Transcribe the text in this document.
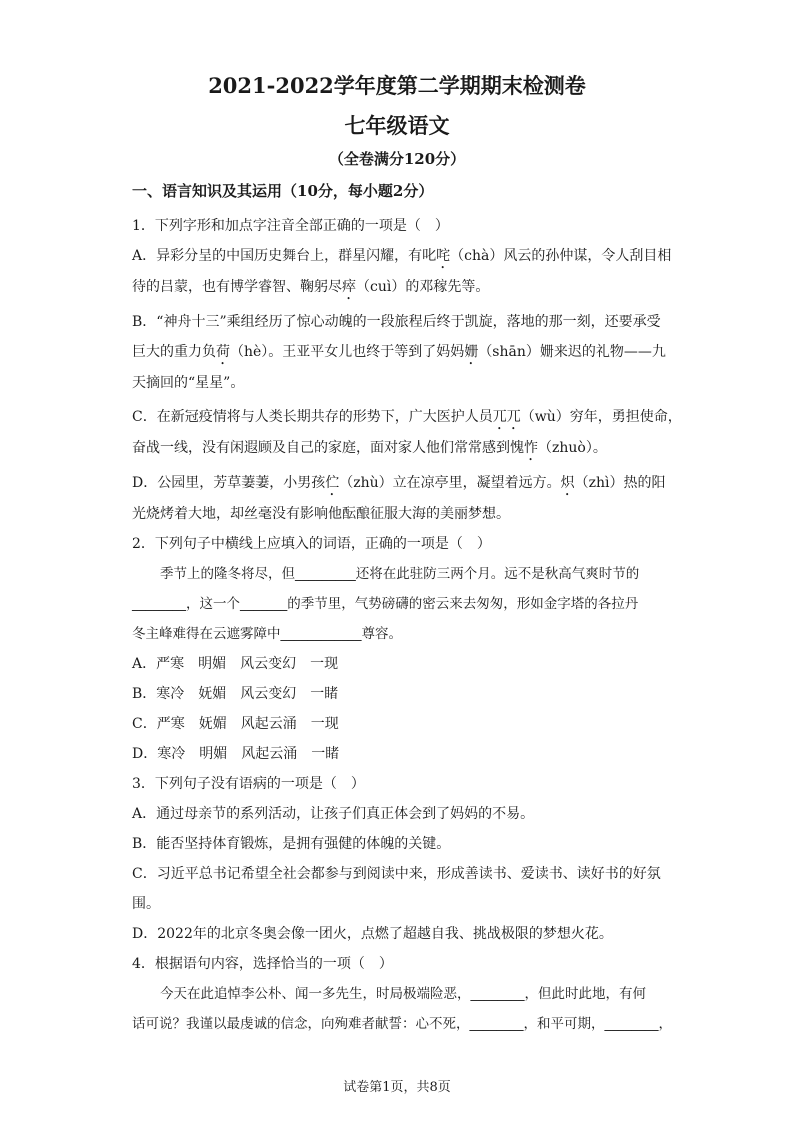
2021-2022学年度第二学期期末检测卷
七年级语文
（全卷满分120分）
一、语言知识及其运用（10分，每小题2分）

1．下列字形和加点字注音全部正确的一项是（　）

A．异彩分呈的中国历史舞台上，群星闪耀，有叱咤（chà）风云的孙仲谋，令人刮目相

待的吕蒙，也有博学睿智、鞠躬尽瘁（cuì）的邓稼先等。

B．“神舟十三”乘组经历了惊心动魄的一段旅程后终于凯旋，落地的那一刻，还要承受

巨大的重力负荷（hè）。王亚平女儿也终于等到了妈妈姗（shān）姗来迟的礼物——九

天摘回的“星星”。

C．在新冠疫情将与人类长期共存的形势下，广大医护人员兀兀（wù）穷年，勇担使命，

奋战一线，没有闲遐顾及自己的家庭，面对家人他们常常感到愧怍（zhuò）。

D．公园里，芳草萋萋，小男孩伫（zhù）立在凉亭里，凝望着远方。炽（zhì）热的阳

光烧烤着大地，却丝毫没有影响他酝酿征服大海的美丽梦想。

2．下列句子中横线上应填入的词语，正确的一项是（　）

季节上的隆冬将尽，但_________还将在此驻防三两个月。远不是秋高气爽时节的

________，这一个_______的季节里，气势磅礴的密云来去匆匆，形如金字塔的各拉丹

冬主峰难得在云遮雾障中____________尊容。

A．严寒　明媚　风云变幻　一现

B．寒冷　妩媚　风云变幻　一睹

C．严寒　妩媚　风起云涌　一现

D．寒冷　明媚　风起云涌　一睹

3．下列句子没有语病的一项是（　）

A．通过母亲节的系列活动，让孩子们真正体会到了妈妈的不易。

B．能否坚持体育锻炼，是拥有强健的体魄的关键。

C．习近平总书记希望全社会都参与到阅读中来，形成善读书、爱读书、读好书的好氛

围。

D．2022年的北京冬奥会像一团火，点燃了超越自我、挑战极限的梦想火花。

4．根据语句内容，选择恰当的一项（　）

今天在此追悼李公朴、闻一多先生，时局极端险恶，________，但此时此地，有何

话可说？我谨以最虔诚的信念，向殉难者献誓：心不死，________，和平可期，________，

试卷第1页，共8页
